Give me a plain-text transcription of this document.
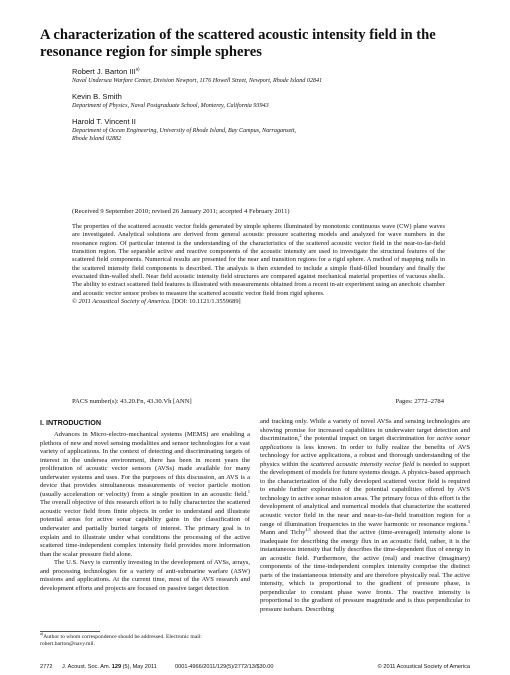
A characterization of the scattered acoustic intensity field in the resonance region for simple spheres
Robert J. Barton III$^{a)}$
Naval Undersea Warfare Center, Division Newport, 1176 Howell Street, Newport, Rhode Island 02841
Kevin B. Smith
Department of Physics, Naval Postgraduate School, Monterey, California 93943
Harold T. Vincent II
Department of Ocean Engineering, University of Rhode Island, Bay Campus, Narragansett,
Rhode Island 02882
(Received 9 September 2010; revised 26 January 2011; accepted 4 February 2011)

The properties of the scattered acoustic vector fields generated by simple spheres illuminated by monotonic continuous wave (CW) plane waves are investigated. Analytical solutions are derived from general acoustic pressure scattering models and analyzed for wave numbers in the resonance region. Of particular interest is the understanding of the characteristics of the scattered acoustic vector field in the near-to-far-field transition region. The separable active and reactive components of the acoustic intensity are used to investigate the structural features of the scattered field components. Numerical results are presented for the near and transition regions for a rigid sphere. A method of mapping nulls in the scattered intensity field components is described. The analysis is then extended to include a simple fluid-filled boundary and finally the evacuated thin-walled shell. Near field acoustic intensity field structures are compared against mechanical material properties of vacuous shells. The ability to extract scattered field features is illustrated with measurements obtained from a recent in-air experiment using an anechoic chamber and acoustic vector sensor probes to measure the scattered acoustic vector field from rigid spheres.
© 2011 Acoustical Society of America. [DOI: 10.1121/1.3559689]

PACS number(s): 43.20.Fn, 43.30.Vh [ANN]	Pages: 2772–2784
I. INTRODUCTION

Advances in Micro-electro-mechanical systems (MEMS) are enabling a plethora of new and novel sensing modalities and sensor technologies for a vast variety of applications. In the context of detecting and discriminating targets of interest in the undersea environment, there has been in recent years the proliferation of acoustic vector sensors (AVSs) made available for many underwater systems and uses. For the purposes of this discussion, an AVS is a device that provides simultaneous measurements of vector particle motion (usually acceleration or velocity) from a single position in an acoustic field.$^1$ The overall objective of this research effort is to fully characterize the scattered acoustic vector field from finite objects in order to understand and illustrate potential areas for active sonar capability gains in the classification of underwater and partially buried targets of interest. The primary goal is to explain and to illustrate under what conditions the processing of the active scattered time-independent complex intensity field provides more information than the scalar pressure field alone.

The U.S. Navy is currently investing in the development of AVSs, arrays, and processing technologies for a variety of anti-submarine warfare (ASW) missions and applications. At the current time, most of the AVS research and development efforts and projects are focused on passive target detection

and tracking only. While a variety of novel AVSs and sensing technologies are showing promise for increased capabilities in underwater target detection and discrimination,$^2$ the potential impact on target discrimination for active sonar applications is less known. In order to fully realize the benefits of AVS technology for active applications, a robust and thorough understanding of the physics within the scattered acoustic intensity vector field is needed to support the development of models for future systems design. A physics-based approach to the characterization of the fully developed scattered vector field is required to enable further exploration of the potential capabilities offered by AVS technology in active sonar mission areas. The primary focus of this effort is the development of analytical and numerical models that characterize the scattered acoustic vector field in the near and near-to-far-field transition region for a range of illumination frequencies in the wave harmonic or resonance regions.$^3$ Mann and Tichy$^{4,5}$ showed that the active (time-averaged) intensity alone is inadequate for describing the energy flux in an acoustic field, rather, it is the instantaneous intensity that fully describes the time-dependent flux of energy in an acoustic field. Furthermore, the active (real) and reactive (imaginary) components of the time-independent complex intensity comprise the distinct parts of the instantaneous intensity and are therefore physically real. The active intensity, which is proportional to the gradient of pressure phase, is perpendicular to constant phase wave fronts. The reactive intensity is proportional to the gradient of pressure magnitude and is thus perpendicular to pressure isobars. Describing

$^{a)}$Author to whom correspondence should be addressed. Electronic mail: robert.barton@navy.mil.
2772 J. Acoust. Soc. Am. 129 (5), May 2011	0001-4966/2011/129(5)/2772/13/$30.00	© 2011 Acoustical Society of America
